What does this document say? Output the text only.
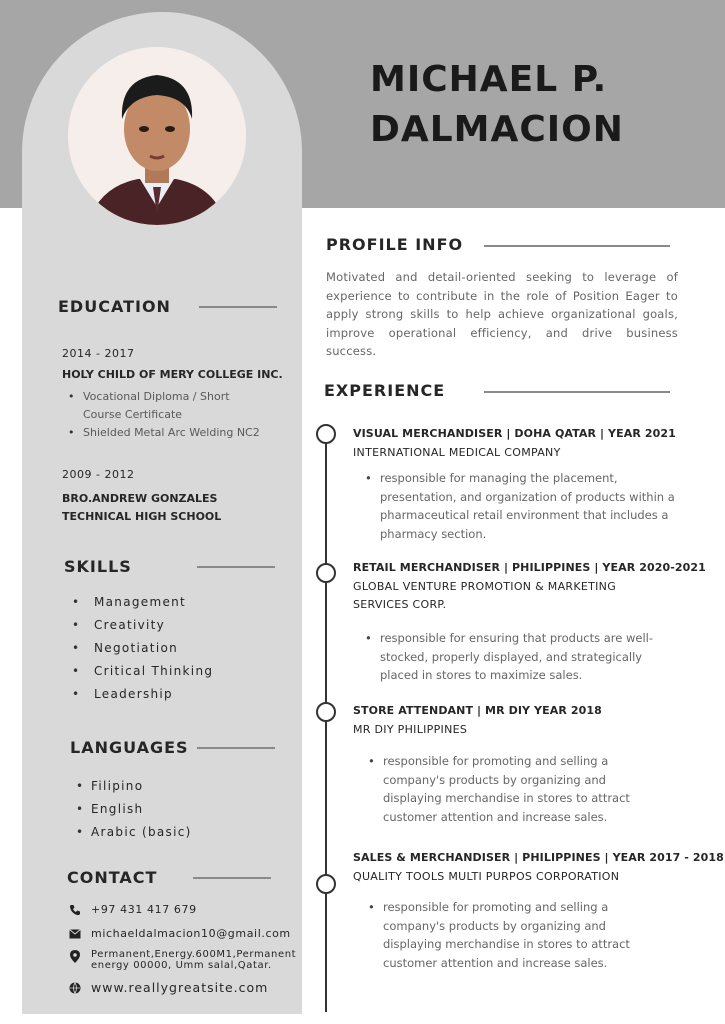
MICHAEL P.
DALMACION
PROFILE INFO
Motivated and detail-oriented seeking to leverage of experience to contribute in the role of Position Eager to apply strong skills to help achieve organizational goals, improve operational efficiency, and drive business success.
EDUCATION
2014 - 2017
HOLY CHILD OF MERY COLLEGE INC.
• Vocational Diploma / Short Course Certificate
• Shielded Metal Arc Welding NC2
2009 - 2012
BRO.ANDREW GONZALES
TECHNICAL HIGH SCHOOL
SKILLS
• Management
• Creativity
• Negotiation
• Critical Thinking
• Leadership
LANGUAGES
• Filipino
• English
• Arabic (basic)
CONTACT
+97 431 417 679
michaeldalmacion10@gmail.com
Permanent,Energy.600M1,Permanent energy 00000, Umm salal,Qatar.
www.reallygreatsite.com
EXPERIENCE
VISUAL MERCHANDISER | DOHA QATAR | YEAR 2021
INTERNATIONAL MEDICAL COMPANY
• responsible for managing the placement, presentation, and organization of products within a pharmaceutical retail environment that includes a pharmacy section.
RETAIL MERCHANDISER | PHILIPPINES | YEAR 2020-2021
GLOBAL VENTURE PROMOTION & MARKETING SERVICES CORP.
• responsible for ensuring that products are well-stocked, properly displayed, and strategically placed in stores to maximize sales.
STORE ATTENDANT | MR DIY YEAR 2018
MR DIY PHILIPPINES
• responsible for promoting and selling a company's products by organizing and displaying merchandise in stores to attract customer attention and increase sales.
SALES & MERCHANDISER | PHILIPPINES | YEAR 2017 - 2018
QUALITY TOOLS MULTI PURPOS CORPORATION
• responsible for promoting and selling a company's products by organizing and displaying merchandise in stores to attract customer attention and increase sales.
